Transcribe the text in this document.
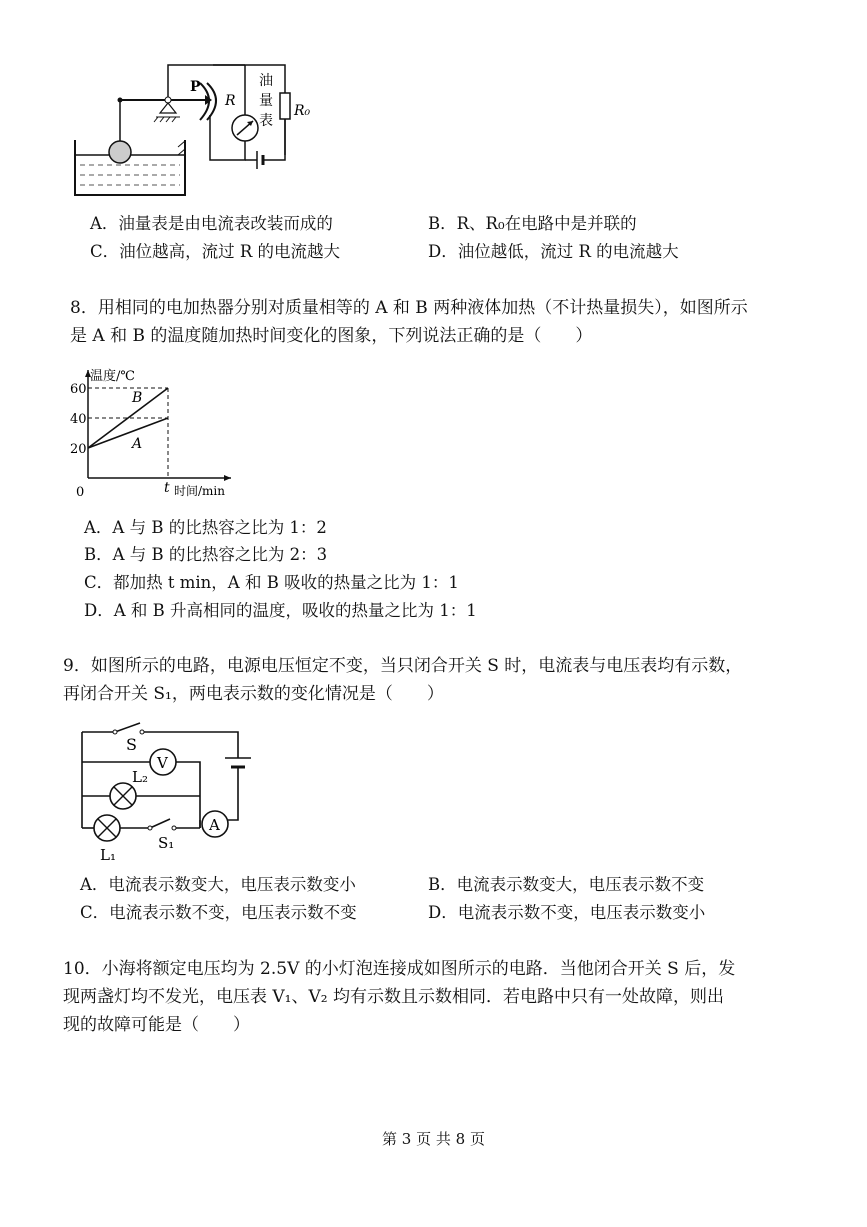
P
R
油
量
表
R₀
A．油量表是由电流表改装而成的	B．R、R₀在电路中是并联的
C．油位越高，流过 R 的电流越大	D．油位越低，流过 R 的电流越大
8．用相同的电加热器分别对质量相等的 A 和 B 两种液体加热（不计热量损失），如图所示
是 A 和 B 的温度随加热时间变化的图象，下列说法正确的是（　　）
20
40
60
A
B
0	t
温度/℃
时间/min
A．A 与 B 的比热容之比为 1：2
B．A 与 B 的比热容之比为 2：3
C．都加热 t min，A 和 B 吸收的热量之比为 1：1
D．A 和 B 升高相同的温度，吸收的热量之比为 1：1
9．如图所示的电路，电源电压恒定不变，当只闭合开关 S 时，电流表与电压表均有示数，
再闭合开关 S₁，两电表示数的变化情况是（　　）
V
A
S
L₂
S₁
L₁
A．电流表示数变大，电压表示数变小	B．电流表示数变大，电压表示数不变
C．电流表示数不变，电压表示数不变	D．电流表示数不变，电压表示数变小
10．小海将额定电压均为 2.5V 的小灯泡连接成如图所示的电路．当他闭合开关 S 后，发
现两盏灯均不发光，电压表 V₁、V₂ 均有示数且示数相同．若电路中只有一处故障，则出
现的故障可能是（　　）
第 3 页 共 8 页
